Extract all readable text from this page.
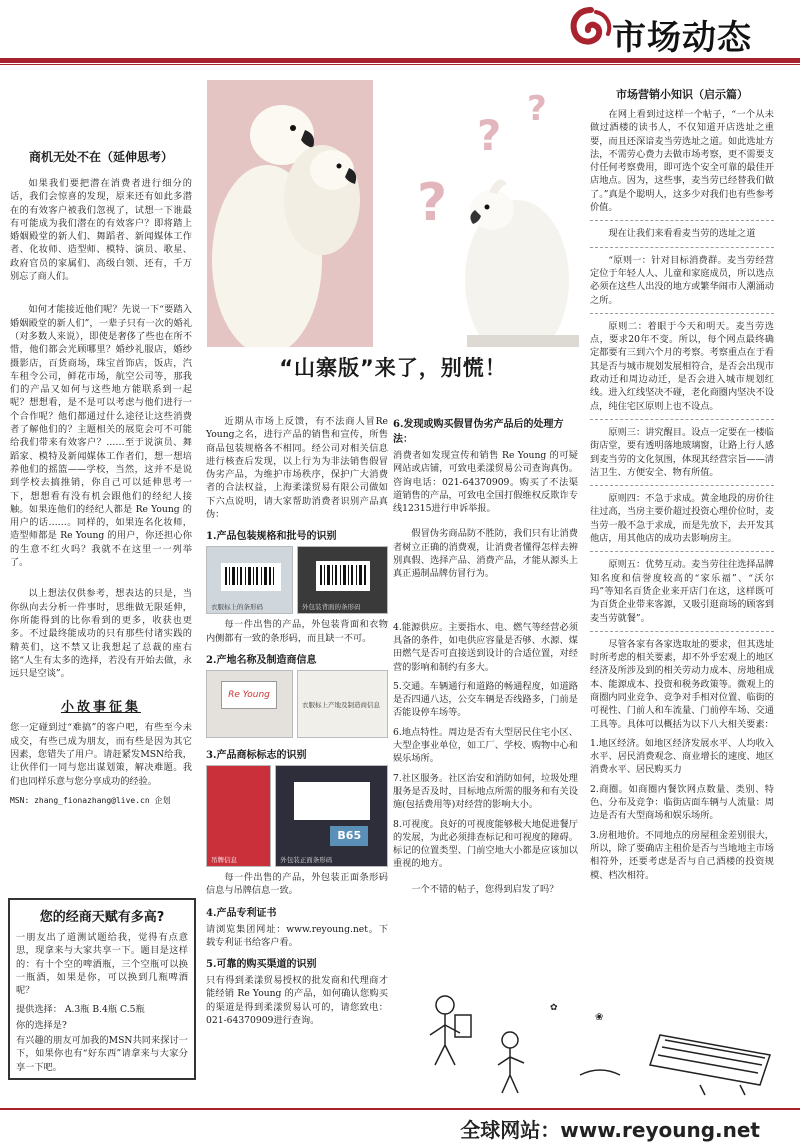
市场动态
商机无处不在（延伸思考）

如果我们要把潜在消费者进行细分的话，我们会惊喜的发现，原来还有如此多潜在的有效客户被我们忽视了，试想一下谁最有可能成为我们潜在的有效客户？即将踏上婚姻殿堂的新人们、舞蹈者、新闻媒体工作者、化妆师、造型师、模特、演员、歌星、政府官员的家属们、高级白领、还有，千万别忘了商人们。

如何才能接近他们呢？先说一下“要踏入婚姻殿堂的新人们”，一辈子只有一次的婚礼（对多数人来说），即使是奢侈了些也在所不惜，他们都会光顾哪里？婚纱礼服店，婚纱摄影店，百货商场，珠宝首饰店，饭店，汽车租令公司，鲜花市场，航空公司等，那我们的产品又如何与这些地方能联系到一起呢？想想看，是不是可以考虑与他们进行一个合作呢？他们都通过什么途径让这些消费者了解他们的？主题相关的展览会可不可能给我们带来有效客户？……至于说演员、舞蹈家、模特及新闻媒体工作者们，想一想培养他们的摇篮——学校，当然，这并不是说到学校去搞推销，你自己可以延伸思考一下，想想看有没有机会跟他们的经纪人接触。如果连他们的经纪人都是 Re Young 的用户的话……。同样的，如果连名化妆师，造型师都是 Re Young 的用户，你还担心你的生意不红火吗？我就不在这里一一列举了。

以上想法仅供参考，想表达的只是，当你纵向去分析一件事时，思维做无限延伸，你所能得到的比你看到的更多，收获也更多。不过最终能成功的只有那些付诸实践的精英们，这不禁又让我想起了总裁的座右铭“人生有太多的选择，若没有开始去做，永远只是空谈”。

小故事征集

您一定碰到过“难搞”的客户吧，有些至今未成交，有些已成为朋友，而有些是因为其它因素，您错失了用户。请赶紧发MSN给我，让伙伴们一同与您出谋划策，解决难题。我们也同样乐意与您分享成功的经验。

MSN: zhang_fionazhang@live.cn 企划

您的经商天赋有多高?

一朋友出了道测试题给我，觉得有点意思，现拿来与大家共享一下。题目是这样的：有十个空的啤酒瓶，三个空瓶可以换一瓶酒，如果是你，可以换到几瓶啤酒呢？

提供选择： A.3瓶 B.4瓶 C.5瓶

你的选择是?

有兴趣的朋友可加我的MSN共同来探讨一下，如果你也有“好东西”请拿来与大家分享一下吧。

?
?
?
“山寨版”来了，别慌！

近期从市场上反馈，有不法商人冒Re Young之名，进行产品的销售和宣传，所售商品包装规格各不相同。经公司对相关信息进行核查后发现，以上行为为非法销售假冒伪劣产品，为维护市场秩序，保护广大消费者的合法权益，上海柔漾贸易有限公司做如下六点说明，请大家帮助消费者识别产品真伪：

1.产品包装规格和批号的识别
衣服标上的条形码	外包装背面的条形码

每一件出售的产品，外包装背面和衣物内侧都有一致的条形码，而且缺一不可。

2.产地名称及制造商信息
Re Young
衣服标上产地及制造商信息
3.产品商标标志的识别
吊牌信息
B65
外包装正面条形码

每一件出售的产品，外包装正面条形码信息与吊牌信息一致。

4.产品专利证书

请浏览集团网址：www.reyoung.net。下载专利证书给客户看。

5.可靠的购买渠道的识别

只有得到柔漾贸易授权的批发商和代理商才能经销 Re Young 的产品，如何确认您购买的渠道是得到柔漾贸易认可的，请您致电：021-64370909进行查询。

6.发现或购买假冒伪劣产品后的处理方法：

消费者如发现宣传和销售 Re Young 的可疑网站或店铺，可致电柔漾贸易公司查询真伪。咨询电话：021-64370909。购买了不法渠道销售的产品，可致电全国打假维权反欺诈专线12315进行申诉举报。

假冒伪劣商品防不胜防，我们只有让消费者树立正确的消费观，让消费者懂得怎样去辨别真假、选择产品、消费产品，才能从源头上真正遏制品牌仿冒行为。

4.能源供应。主要指水、电、燃气等经营必须具备的条件，如电供应容量是否够、水源、煤田燃气是否可直接送到设计的合适位置，对经营的影响和制约有多大。

5.交通。车辆通行和道路的畅通程度，如道路是否四通八达，公交车辆是否线路多，门前是否能设停车场等。

6.地点特性。周边是否有大型居民住宅小区、大型企事业单位，如工厂、学校、购物中心和娱乐场所。

7.社区服务。社区治安和消防如何，垃圾处理服务是否及时，目标地点所需的服务和有关设施(包括费用等)对经营的影响大小。

8.可视度。良好的可视度能够极大地促进餐厅的发展，为此必须排查标记和可视度的障碍。标记的位置类型、门前空地大小都是应该加以重视的地方。

一个不错的帖子，您得到启发了吗？

市场营销小知识（启示篇）

在网上看到过这样一个帖子，“一个从未做过酒楼的读书人，不仅知道开店选址之重要，而且还深谙麦当劳选址之道。如此选址方法，不需劳心费力去做市场考察，更不需要支付任何考察费用，即可选个安全可靠的最佳开店地点。因为，这些事，麦当劳已经替我们做了。”真是个聪明人，这多少对我们也有些参考价值。

现在让我们来看看麦当劳的选址之道

“原则一：针对目标消费群。麦当劳经营定位于年轻人人、儿童和家庭成员，所以选点必须在这些人出没的地方或繁华闹市人潮涌动之所。

原则二：着眼于今天和明天。麦当劳选点，要求20年不变。所以，每个网点最终确定都要有三到六个月的考察。考察重点在于看其是否与城市规划发展相符合，是否会出现市政动迁和周边动迁，是否会进入城市规划红线。进入红线坚决不碰，老化商圈内坚决不设点，纯住宅区原则上也不设点。

原则三：讲究醒目。设点一定要在一楼临街店堂，要有透明落地玻璃窗，让路上行人感到麦当劳的文化氛围，体现其经营宗旨——清洁卫生、方便安全、物有所值。

原则四：不急于求成。黄金地段的房价往往过高，当房主要价超过投资心理价位时，麦当劳一般不急于求成，而是先放下，去开发其他店，用其他店的成功去影响房主。

原则五：优势互动。麦当劳往往选择品牌知名度和信誉度较高的“家乐福”、“沃尔玛”等知名百货企业来开店门在这，这样既可为百货企业带来客源，又吸引逛商场的顾客到麦当劳就餐”。

尽管各家有各家选取址的要求，但其选址时所考虑的相关要素，却不外乎宏观上的地区经济及所涉及到的相关劳动力成本、房地租成本、能源成本、投资和税务政策等。微观上的商圈内同业竞争、竞争对手相对位置、临街的可视性、门前人和车流量、门前停车场、交通工具等。具体可以概括为以下八大相关要素：

1.地区经济。如地区经济发展水平、人均收入水平、居民消费观念、商业增长的速度、地区消费水平、居民购买力

2.商圈。如商圈内餐饮网点数量、类别、特色、分布及竞争：临街店面车辆与人流量：周边是否有大型商场和娱乐场所。

3.房租地价。不同地点的房屋租金差别很大，所以，除了要确店主租价是否与当地地主市场相符外，还要考虑是否与自己酒楼的投资规模、档次相符。

❀
✿
全球网站：www.reyoung.net
